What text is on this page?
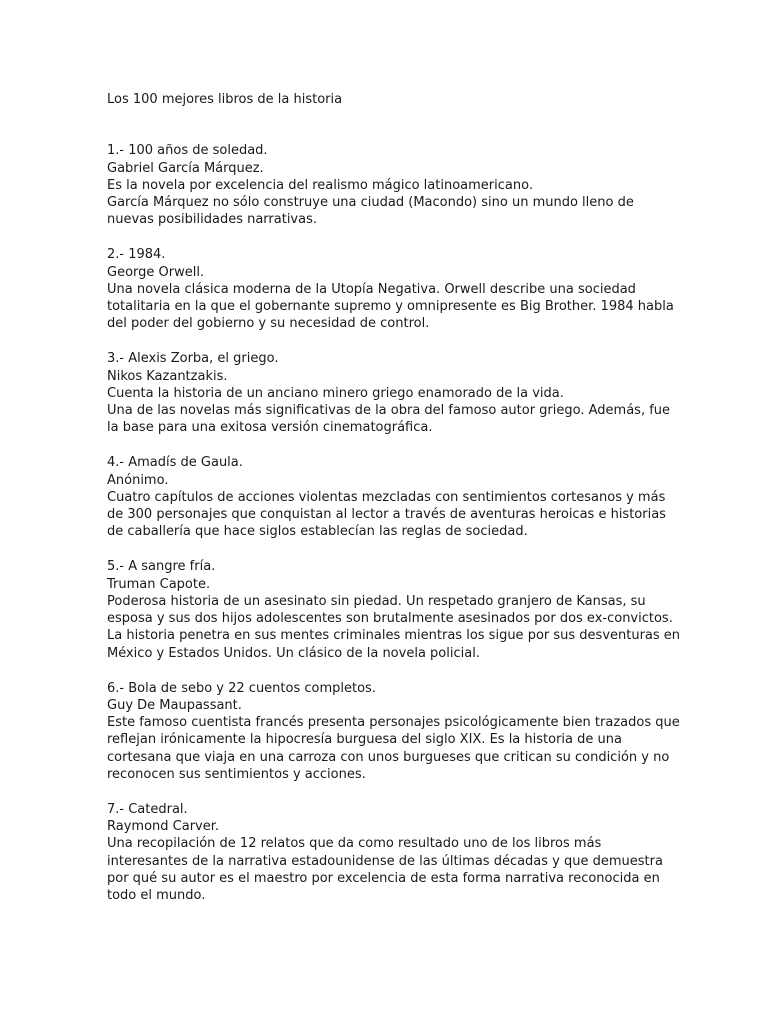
Los 100 mejores libros de la historia

1.- 100 años de soledad.

Gabriel García Márquez.

Es la novela por excelencia del realismo mágico latinoamericano.

García Márquez no sólo construye una ciudad (Macondo) sino un mundo lleno de

nuevas posibilidades narrativas.

2.- 1984.

George Orwell.

Una novela clásica moderna de la Utopía Negativa. Orwell describe una sociedad

totalitaria en la que el gobernante supremo y omnipresente es Big Brother. 1984 habla

del poder del gobierno y su necesidad de control.

3.- Alexis Zorba, el griego.

Nikos Kazantzakis.

Cuenta la historia de un anciano minero griego enamorado de la vida.

Una de las novelas más significativas de la obra del famoso autor griego. Además, fue

la base para una exitosa versión cinematográfica.

4.- Amadís de Gaula.

Anónimo.

Cuatro capítulos de acciones violentas mezcladas con sentimientos cortesanos y más

de 300 personajes que conquistan al lector a través de aventuras heroicas e historias

de caballería que hace siglos establecían las reglas de sociedad.

5.- A sangre fría.

Truman Capote.

Poderosa historia de un asesinato sin piedad. Un respetado granjero de Kansas, su

esposa y sus dos hijos adolescentes son brutalmente asesinados por dos ex-convictos.

La historia penetra en sus mentes criminales mientras los sigue por sus desventuras en

México y Estados Unidos. Un clásico de la novela policial.

6.- Bola de sebo y 22 cuentos completos.

Guy De Maupassant.

Este famoso cuentista francés presenta personajes psicológicamente bien trazados que

reflejan irónicamente la hipocresía burguesa del siglo XIX. Es la historia de una

cortesana que viaja en una carroza con unos burgueses que critican su condición y no

reconocen sus sentimientos y acciones.

7.- Catedral.

Raymond Carver.

Una recopilación de 12 relatos que da como resultado uno de los libros más

interesantes de la narrativa estadounidense de las últimas décadas y que demuestra

por qué su autor es el maestro por excelencia de esta forma narrativa reconocida en

todo el mundo.
